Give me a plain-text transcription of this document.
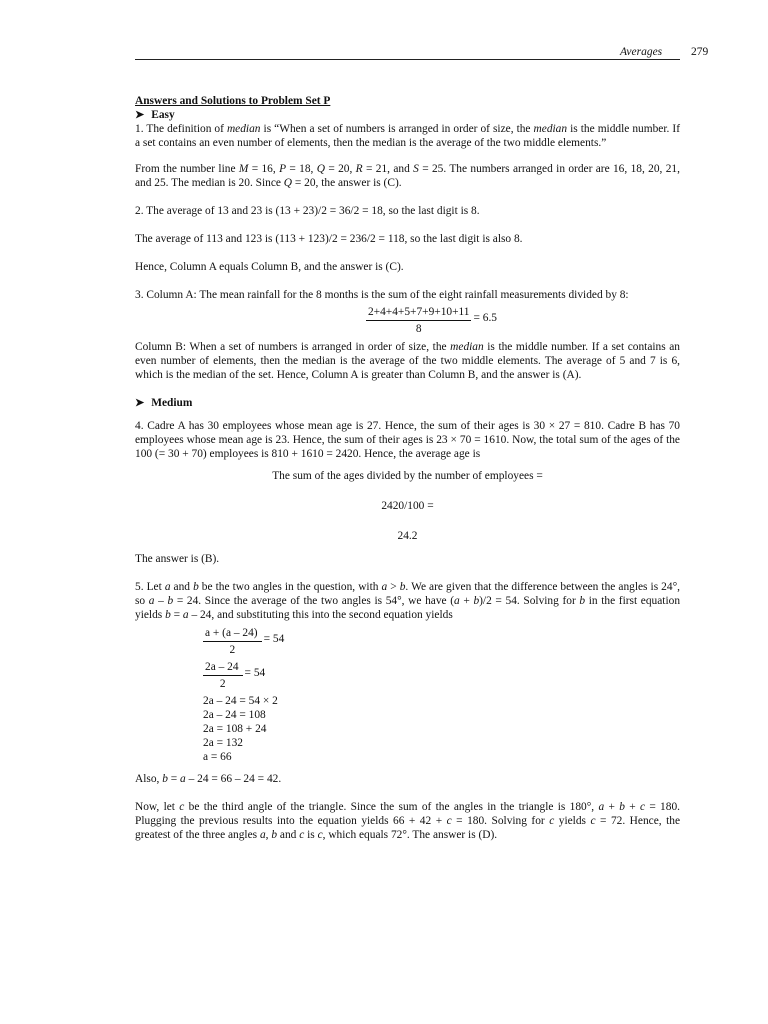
Averages	279

Answers and Solutions to Problem Set P

➤ Easy

1. The definition of median is “When a set of numbers is arranged in order of size, the median is the middle number. If a set contains an even number of elements, then the median is the average of the two middle elements.”

From the number line M = 16, P = 18, Q = 20, R = 21, and S = 25. The numbers arranged in order are 16, 18, 20, 21, and 25. The median is 20. Since Q = 20, the answer is (C).

2. The average of 13 and 23 is (13 + 23)/2 = 36/2 = 18, so the last digit is 8.

The average of 113 and 123 is (113 + 123)/2 = 236/2 = 118, so the last digit is also 8.

Hence, Column A equals Column B, and the answer is (C).

3. Column A: The mean rainfall for the 8 months is the sum of the eight rainfall measurements divided by 8:

$\frac{2+4+4+5+7+9+10+11}{8} = 6.5$

Column B: When a set of numbers is arranged in order of size, the median is the middle number. If a set contains an even number of elements, then the median is the average of the two middle elements. The average of 5 and 7 is 6, which is the median of the set. Hence, Column A is greater than Column B, and the answer is (A).

➤ Medium

4. Cadre A has 30 employees whose mean age is 27. Hence, the sum of their ages is 30 × 27 = 810. Cadre B has 70 employees whose mean age is 23. Hence, the sum of their ages is 23 × 70 = 1610. Now, the total sum of the ages of the 100 (= 30 + 70) employees is 810 + 1610 = 2420. Hence, the average age is

The sum of the ages divided by the number of employees =

2420/100 =

24.2

The answer is (B).

5. Let a and b be the two angles in the question, with a > b. We are given that the difference between the angles is 24°, so a – b = 24. Since the average of the two angles is 54°, we have (a + b)/2 = 54. Solving for b in the first equation yields b = a – 24, and substituting this into the second equation yields

$\frac{a + (a - 24)}{2} = 54$
$\frac{2a - 24}{2} = 54$
2a – 24 = 54 × 2
2a – 24 = 108
2a = 108 + 24
2a = 132
a = 66

Also, b = a – 24 = 66 – 24 = 42.

Now, let c be the third angle of the triangle. Since the sum of the angles in the triangle is 180°, a + b + c = 180. Plugging the previous results into the equation yields 66 + 42 + c = 180. Solving for c yields c = 72. Hence, the greatest of the three angles a, b and c is c, which equals 72°. The answer is (D).
